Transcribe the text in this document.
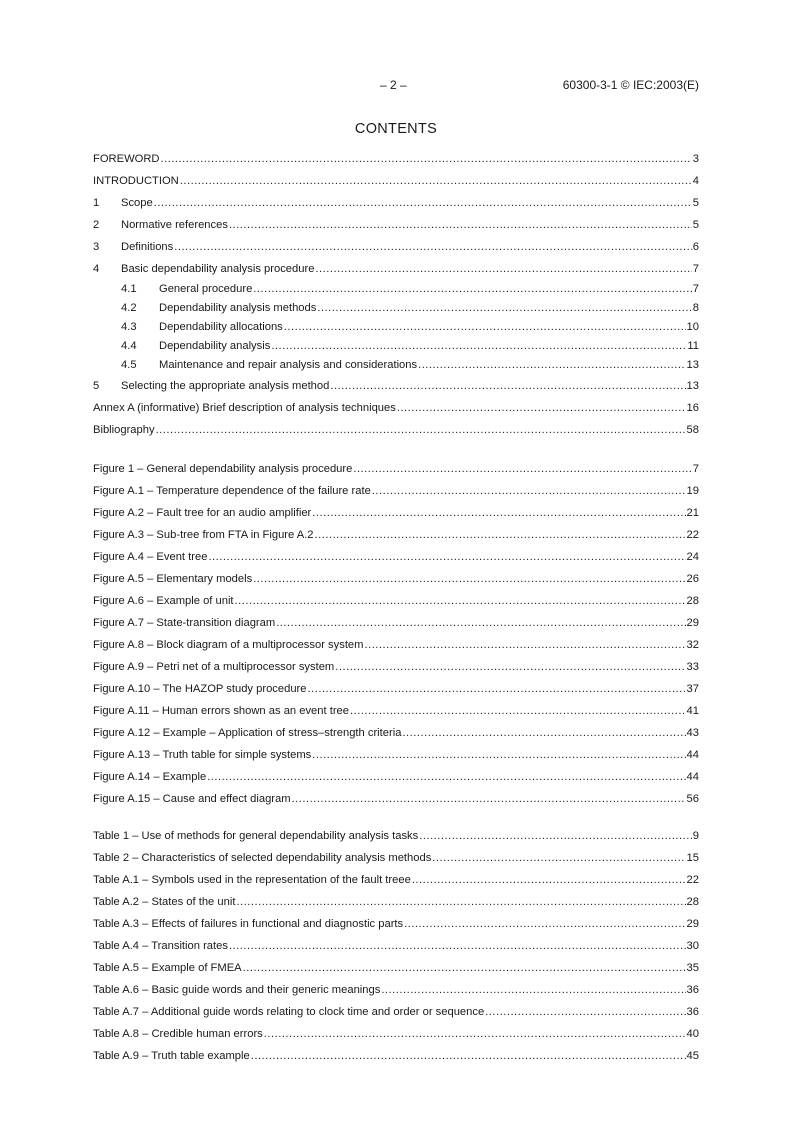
– 2 –	60300-3-1 © IEC:2003(E)
CONTENTS
FOREWORD .....	3
INTRODUCTION .....	4
1	Scope .....	5
2	Normative references .....	5
3	Definitions .....	6
4	Basic dependability analysis procedure .....	7
4.1	General procedure .....	7
4.2	Dependability analysis methods .....	8
4.3	Dependability allocations .....	10
4.4	Dependability analysis .....	11
4.5	Maintenance and repair analysis and considerations .....	13
5	Selecting the appropriate analysis method .....	13
Annex A (informative) Brief description of analysis techniques .....	16
Bibliography .....	58
Figure 1 – General dependability analysis procedure .....	7
Figure A.1 – Temperature dependence of the failure rate .....	19
Figure A.2 – Fault tree for an audio amplifier .....	21
Figure A.3 – Sub-tree from FTA in Figure A.2 .....	22
Figure A.4 – Event tree .....	24
Figure A.5 – Elementary models .....	26
Figure A.6 – Example of unit .....	28
Figure A.7 – State-transition diagram .....	29
Figure A.8 – Block diagram of a multiprocessor system .....	32
Figure A.9 – Petri net of a multiprocessor system .....	33
Figure A.10 – The HAZOP study procedure .....	37
Figure A.11 – Human errors shown as an event tree .....	41
Figure A.12 – Example – Application of stress–strength criteria .....	43
Figure A.13 – Truth table for simple systems .....	44
Figure A.14 – Example .....	44
Figure A.15 – Cause and effect diagram .....	56
Table 1 – Use of methods for general dependability analysis tasks .....	9
Table 2 – Characteristics of selected dependability analysis methods .....	15
Table A.1 – Symbols used in the representation of the fault treee .....	22
Table A.2 – States of the unit .....	28
Table A.3 – Effects of failures in functional and diagnostic parts .....	29
Table A.4 – Transition rates .....	30
Table A.5 – Example of FMEA .....	35
Table A.6 – Basic guide words and their generic meanings .....	36
Table A.7 – Additional guide words relating to clock time and order or sequence .....	36
Table A.8 – Credible human errors .....	40
Table A.9 – Truth table example .....	45
